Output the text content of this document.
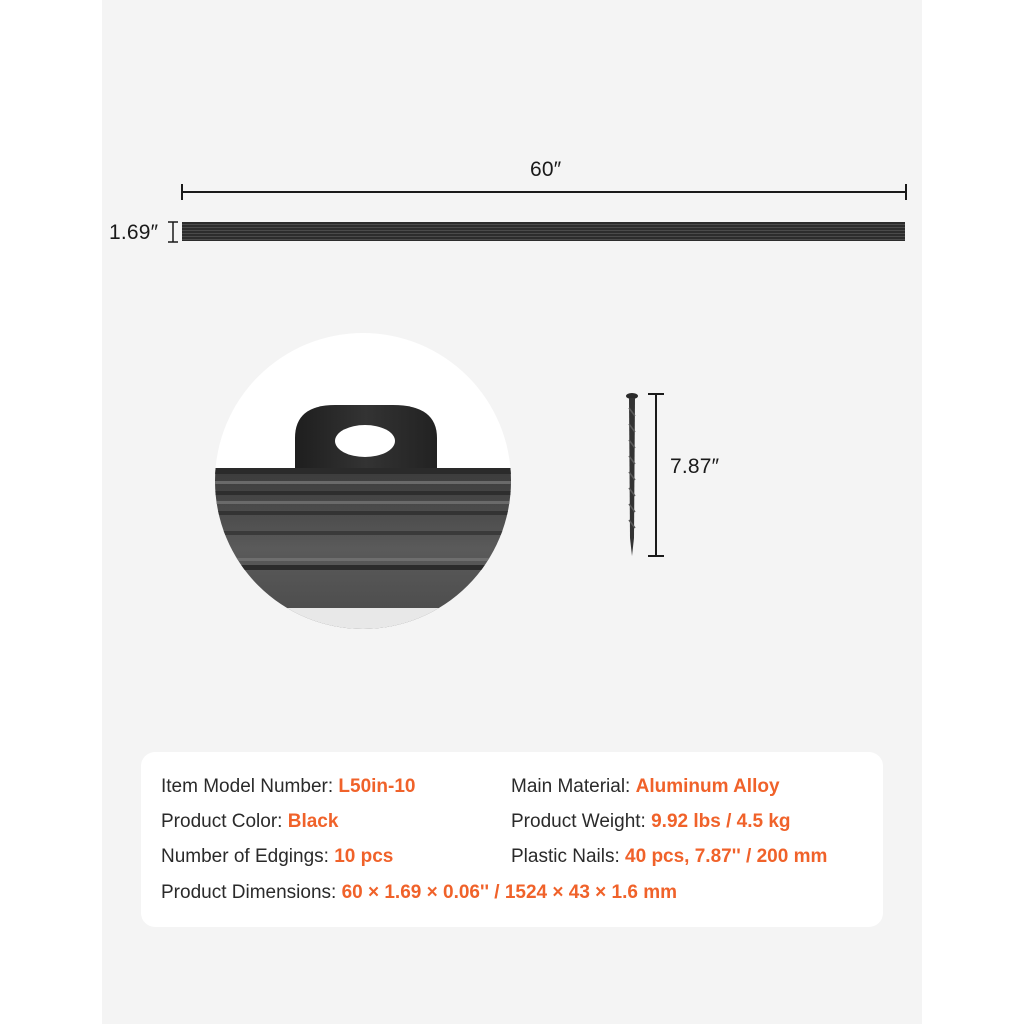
60″
1.69″
7.87″
Item Model Number: L50in-10	Main Material: Aluminum Alloy
Product Color: Black	Product Weight: 9.92 lbs / 4.5 kg
Number of Edgings: 10 pcs	Plastic Nails: 40 pcs, 7.87'' / 200 mm
Product Dimensions: 60 × 1.69 × 0.06'' / 1524 × 43 × 1.6 mm
